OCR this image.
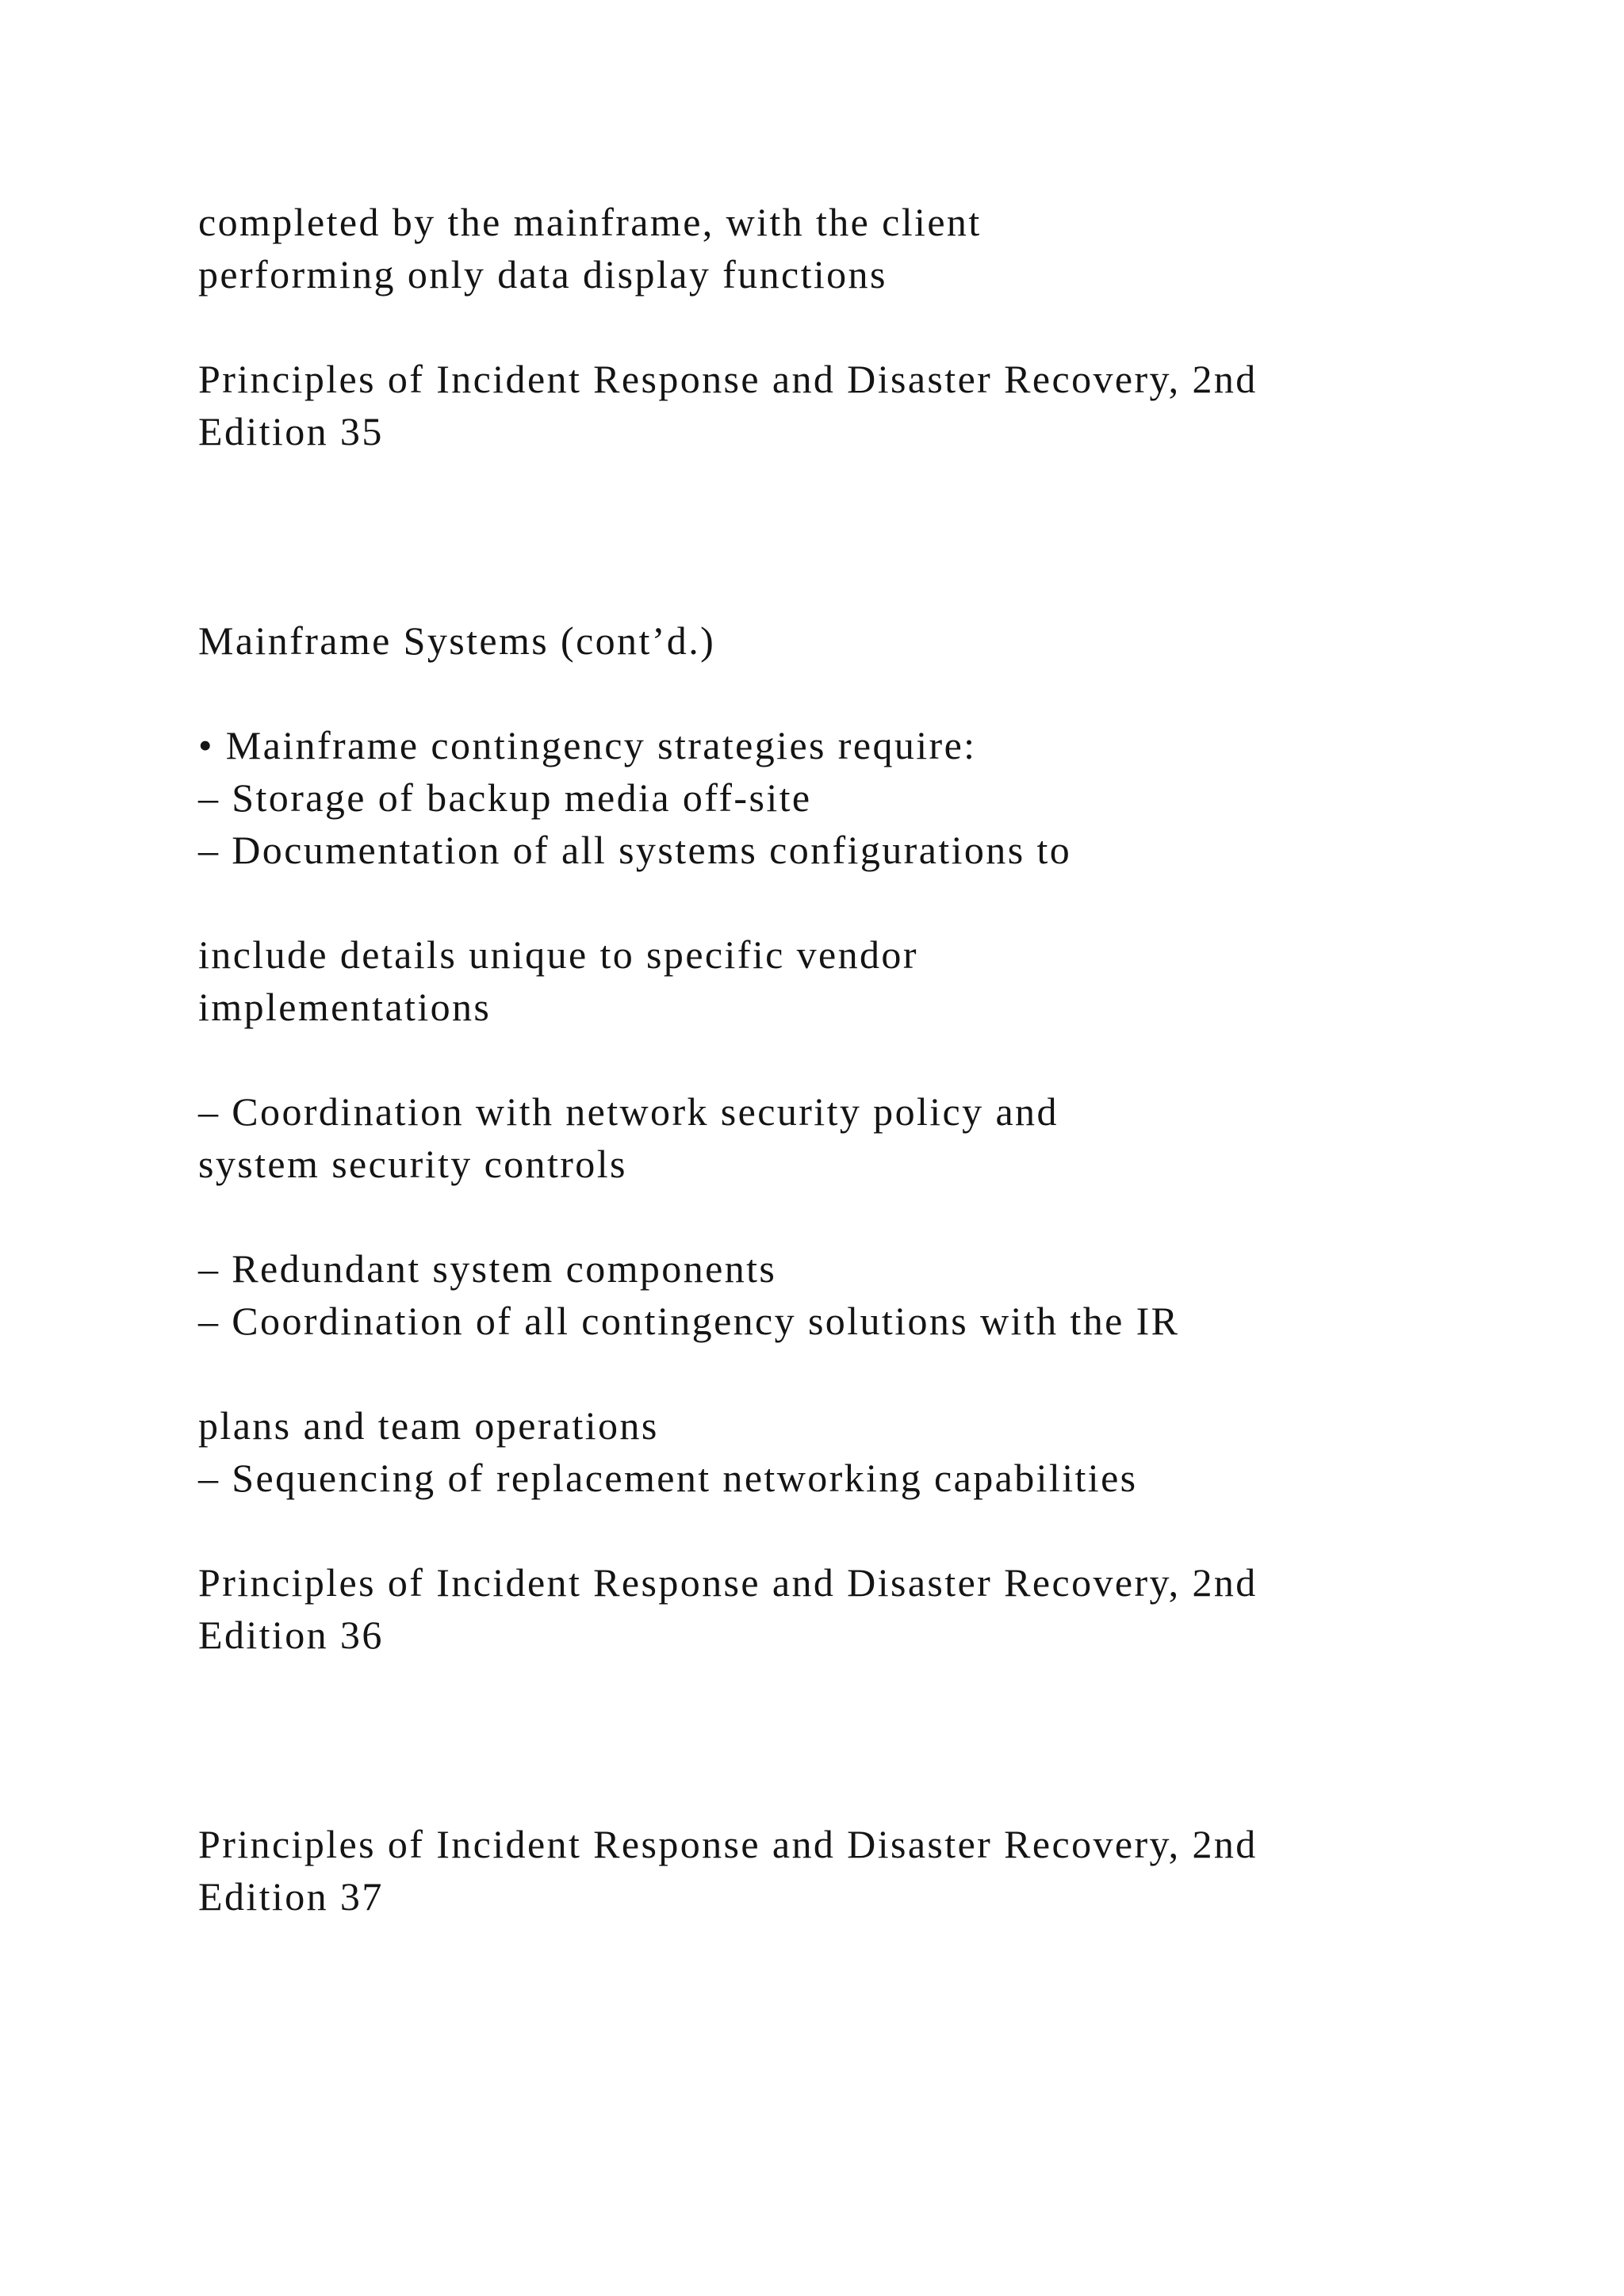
completed by the mainframe, with the client

performing only data display functions

Principles of Incident Response and Disaster Recovery, 2nd

Edition 35

Mainframe Systems (cont’d.)

• Mainframe contingency strategies require:

– Storage of backup media off-site

– Documentation of all systems configurations to

include details unique to specific vendor

implementations

– Coordination with network security policy and

system security controls

– Redundant system components

– Coordination of all contingency solutions with the IR

plans and team operations

– Sequencing of replacement networking capabilities

Principles of Incident Response and Disaster Recovery, 2nd

Edition 36

Principles of Incident Response and Disaster Recovery, 2nd

Edition 37
